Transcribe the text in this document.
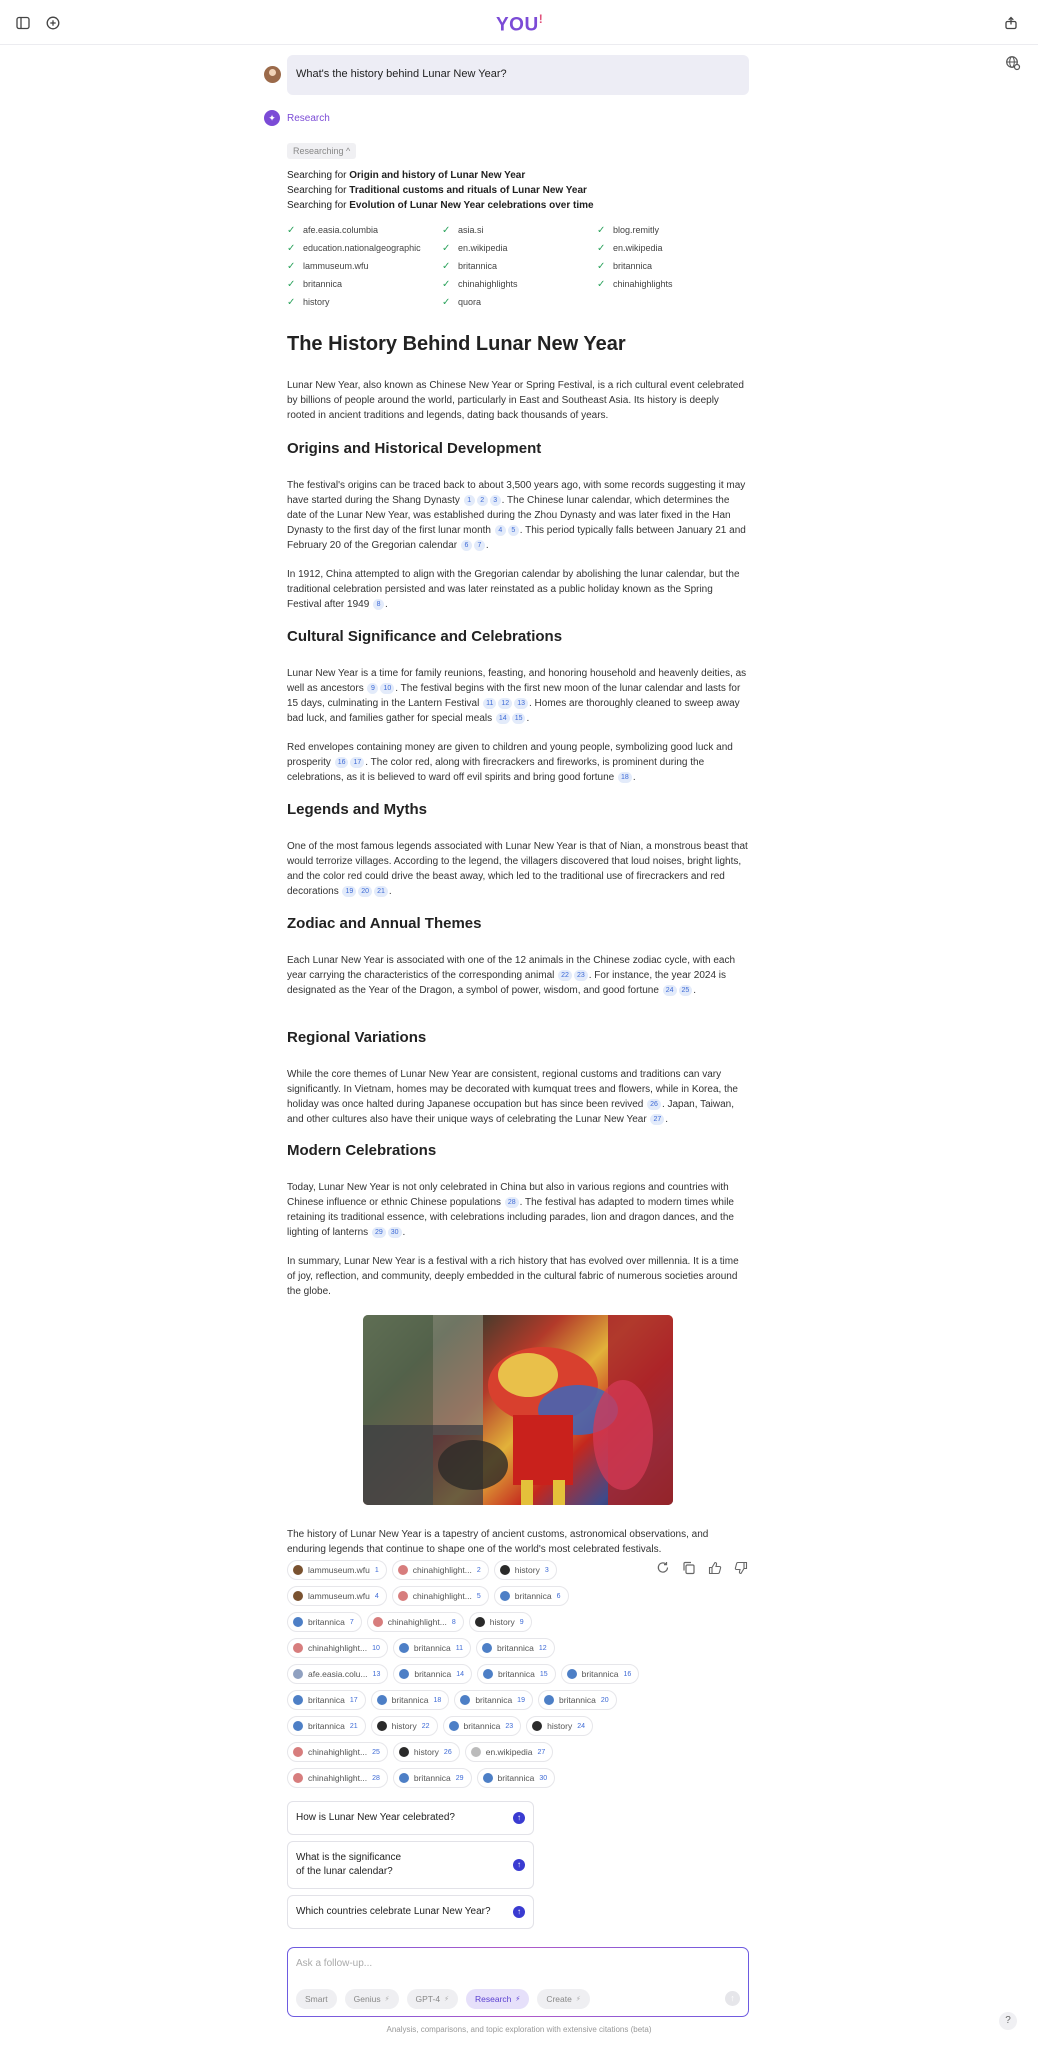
YOU!
What's the history behind Lunar New Year?
✦	Research
Researching ^
Searching for Origin and history of Lunar New Year
Searching for Traditional customs and rituals of Lunar New Year
Searching for Evolution of Lunar New Year celebrations over time
✓ afe.easia.columbia	✓ asia.si	✓ blog.remitly
✓ education.nationalgeographic ✓ en.wikipedia	✓ en.wikipedia
✓ lammuseum.wfu	✓ britannica	✓ britannica
✓ britannica	✓ chinahighlights	✓ chinahighlights
✓ history	✓ quora
The History Behind Lunar New Year
Lunar New Year, also known as Chinese New Year or Spring Festival, is a rich cultural event celebrated by billions of people around the world, particularly in East and Southeast Asia. Its history is deeply rooted in ancient traditions and legends, dating back thousands of years.
Origins and Historical Development
The festival's origins can be traced back to about 3,500 years ago, with some records suggesting it may have started during the Shang Dynasty 1 2 3 . The Chinese lunar calendar, which determines the date of the Lunar New Year, was established during the Zhou Dynasty and was later fixed in the Han Dynasty to the first day of the first lunar month 4 5 . This period typically falls between January 21 and February 20 of the Gregorian calendar 6 7 .
In 1912, China attempted to align with the Gregorian calendar by abolishing the lunar calendar, but the traditional celebration persisted and was later reinstated as a public holiday known as the Spring Festival after 1949 8 .
Cultural Significance and Celebrations
Lunar New Year is a time for family reunions, feasting, and honoring household and heavenly deities, as well as ancestors 9 10 . The festival begins with the first new moon of the lunar calendar and lasts for 15 days, culminating in the Lantern Festival 11 12 13 . Homes are thoroughly cleaned to sweep away bad luck, and families gather for special meals 14 15 .
Red envelopes containing money are given to children and young people, symbolizing good luck and prosperity 16 17 . The color red, along with firecrackers and fireworks, is prominent during the celebrations, as it is believed to ward off evil spirits and bring good fortune 18 .
Legends and Myths
One of the most famous legends associated with Lunar New Year is that of Nian, a monstrous beast that would terrorize villages. According to the legend, the villagers discovered that loud noises, bright lights, and the color red could drive the beast away, which led to the traditional use of firecrackers and red decorations 19 20 21 .
Zodiac and Annual Themes
Each Lunar New Year is associated with one of the 12 animals in the Chinese zodiac cycle, with each year carrying the characteristics of the corresponding animal 22 23 . For instance, the year 2024 is designated as the Year of the Dragon, a symbol of power, wisdom, and good fortune 24 25 .
Regional Variations
While the core themes of Lunar New Year are consistent, regional customs and traditions can vary significantly. In Vietnam, homes may be decorated with kumquat trees and flowers, while in Korea, the holiday was once halted during Japanese occupation but has since been revived 26 . Japan, Taiwan, and other cultures also have their unique ways of celebrating the Lunar New Year 27 .
Modern Celebrations
Today, Lunar New Year is not only celebrated in China but also in various regions and countries with Chinese influence or ethnic Chinese populations 28 . The festival has adapted to modern times while retaining its traditional essence, with celebrations including parades, lion and dragon dances, and the lighting of lanterns 29 30 .
In summary, Lunar New Year is a festival with a rich history that has evolved over millennia. It is a time of joy, reflection, and community, deeply embedded in the cultural fabric of numerous societies around the globe.
The history of Lunar New Year is a tapestry of ancient customs, astronomical observations, and enduring legends that continue to shape one of the world's most celebrated festivals.
lammuseum.wfu 1	chinahighlight... 2	history 3
lammuseum.wfu 4	chinahighlight... 5	britannica 6
britannica 7	chinahighlight... 8	history 9
chinahighlight... 10	britannica 11	britannica 12
afe.easia.colu... 13	britannica 14	britannica 15	britannica 16
britannica 17	britannica 18	britannica 19	britannica 20
britannica 21	history 22	britannica 23	history 24
chinahighlight... 25	history 26	en.wikipedia 27
chinahighlight... 28	britannica 29	britannica 30
How is Lunar New Year celebrated?	↑
What is the significance of the lunar calendar?
↑
Which countries celebrate Lunar New Year?	↑
Ask a follow-up...
Smart	Genius ⚡	GPT-4 ⚡	Research ⚡	Create ⚡	↑
Analysis, comparisons, and topic exploration with extensive citations (beta)
?
